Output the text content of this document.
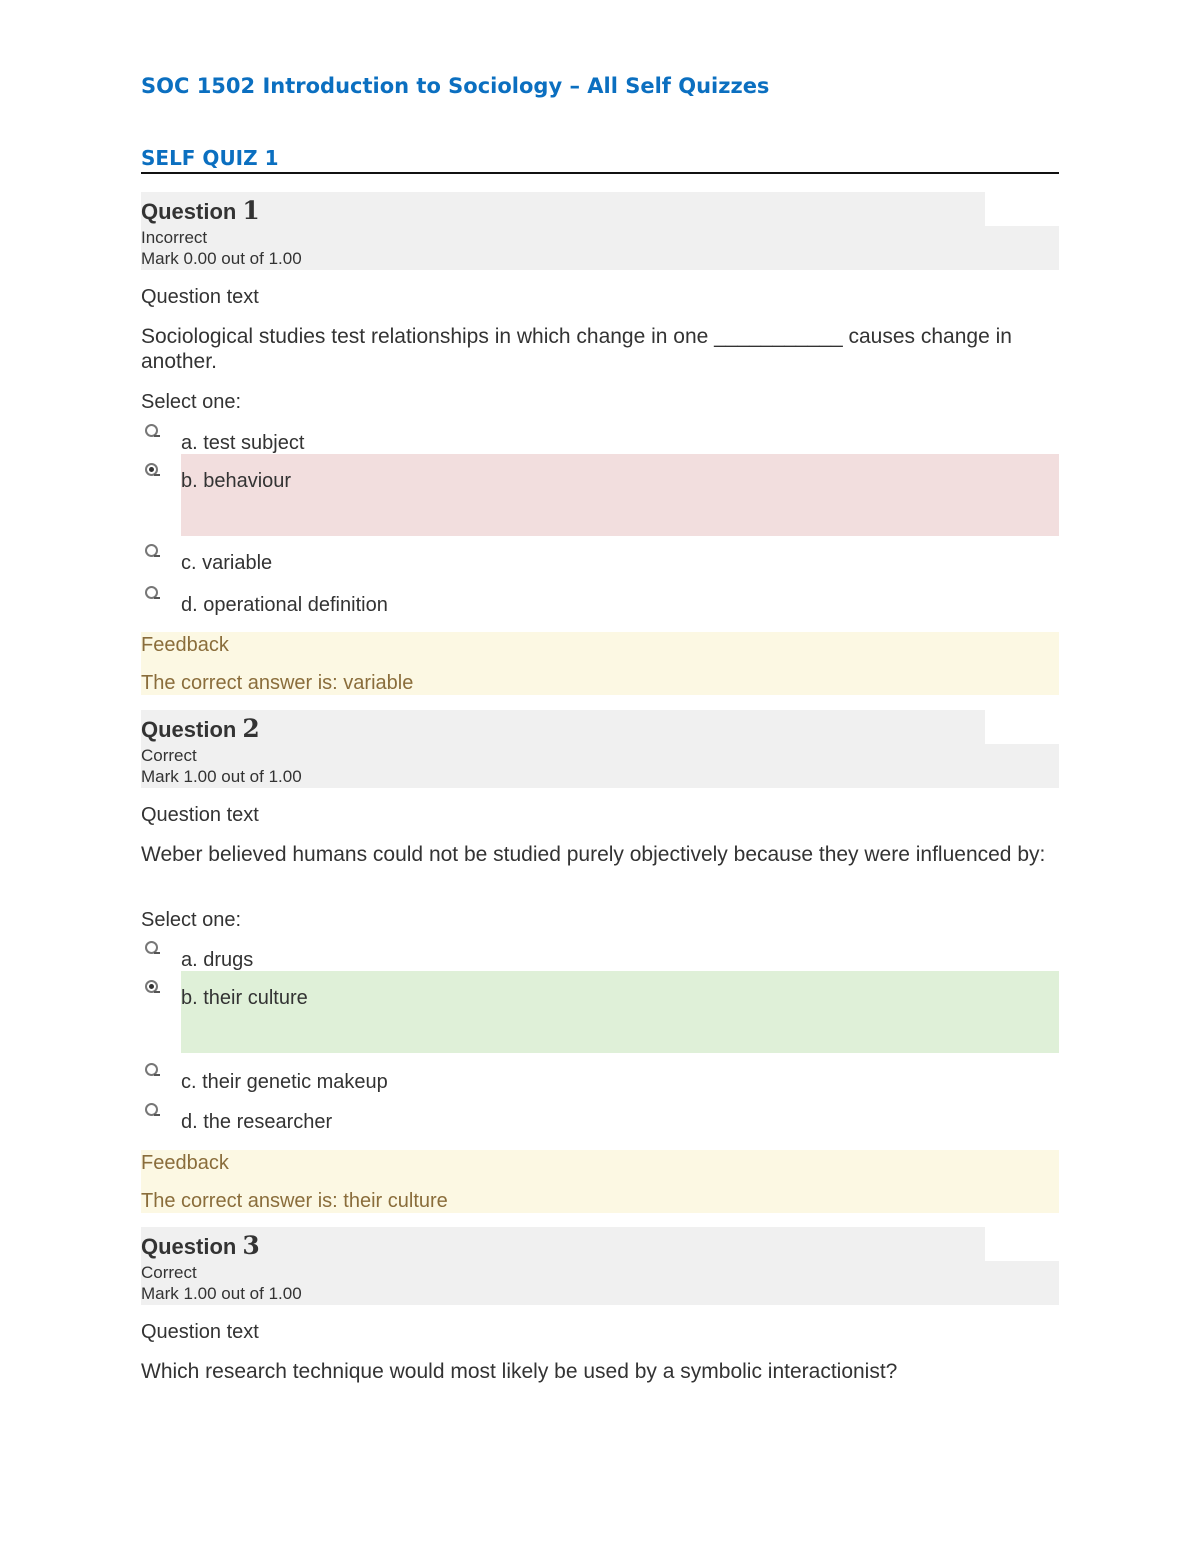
SOC 1502 Introduction to Sociology – All Self Quizzes
SELF QUIZ 1
Question 1
Incorrect
Mark 0.00 out of 1.00
Question text
Sociological studies test relationships in which change in one ___________ causes change in another.
Select one:
a. test subject
b. behaviour
c. variable
d. operational definition
Feedback
The correct answer is: variable
Question 2
Correct
Mark 1.00 out of 1.00
Question text
Weber believed humans could not be studied purely objectively because they were influenced by:
Select one:
a. drugs
b. their culture
c. their genetic makeup
d. the researcher
Feedback
The correct answer is: their culture
Question 3
Correct
Mark 1.00 out of 1.00
Question text
Which research technique would most likely be used by a symbolic interactionist?
